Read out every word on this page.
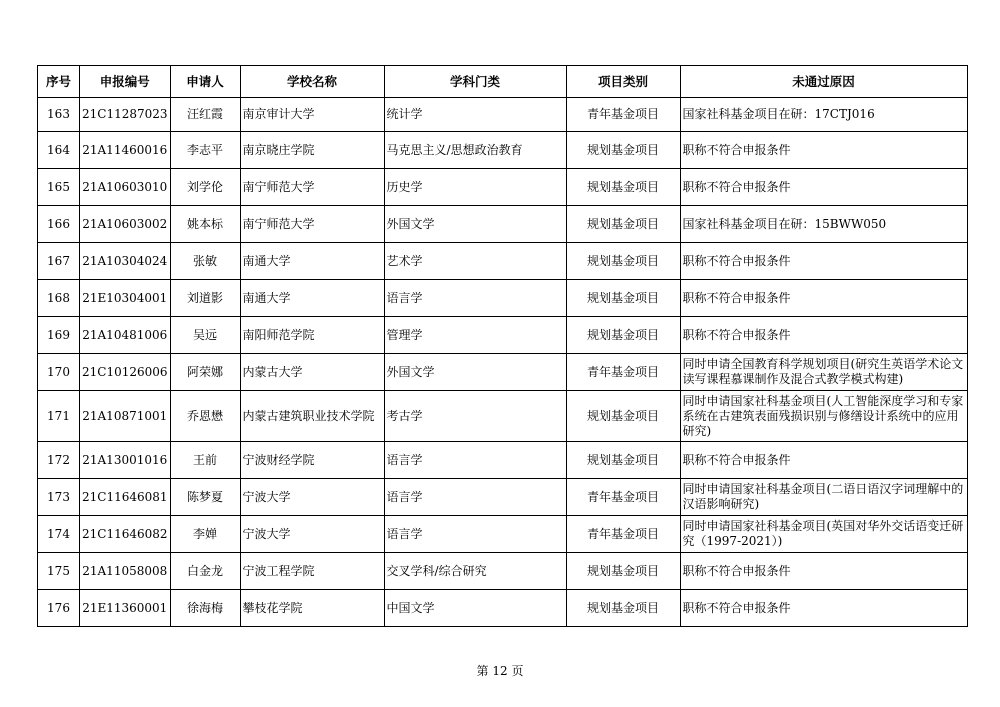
序号	申报编号	申请人	学校名称	学科门类	项目类别	未通过原因
163	21C11287023	汪红霞	南京审计大学	统计学	青年基金项目	国家社科基金项目在研：17CTJ016
164	21A11460016	李志平	南京晓庄学院	马克思主义/思想政治教育	规划基金项目	职称不符合申报条件
165	21A10603010	刘学伦	南宁师范大学	历史学	规划基金项目	职称不符合申报条件
166	21A10603002	姚本标	南宁师范大学	外国文学	规划基金项目	国家社科基金项目在研：15BWW050
167	21A10304024	张敏	南通大学	艺术学	规划基金项目	职称不符合申报条件
168	21E10304001	刘道影	南通大学	语言学	规划基金项目	职称不符合申报条件
169	21A10481006	吴远	南阳师范学院	管理学	规划基金项目	职称不符合申报条件
170	21C10126006	阿荣娜	内蒙古大学	外国文学	青年基金项目	同时申请全国教育科学规划项目(研究生英语学术论文读写课程慕课制作及混合式教学模式构建)
171	21A10871001	乔恩懋	内蒙古建筑职业技术学院	考古学	规划基金项目	同时申请国家社科基金项目(人工智能深度学习和专家系统在古建筑表面残损识别与修缮设计系统中的应用研究)
172	21A13001016	王前	宁波财经学院	语言学	规划基金项目	职称不符合申报条件
173	21C11646081	陈梦夏	宁波大学	语言学	青年基金项目	同时申请国家社科基金项目(二语日语汉字词理解中的汉语影响研究)
174	21C11646082	李婵	宁波大学	语言学	青年基金项目	同时申请国家社科基金项目(英国对华外交话语变迁研究（1997-2021）)
175	21A11058008	白金龙	宁波工程学院	交叉学科/综合研究	规划基金项目	职称不符合申报条件
176	21E11360001	徐海梅	攀枝花学院	中国文学	规划基金项目	职称不符合申报条件
第 12 页
